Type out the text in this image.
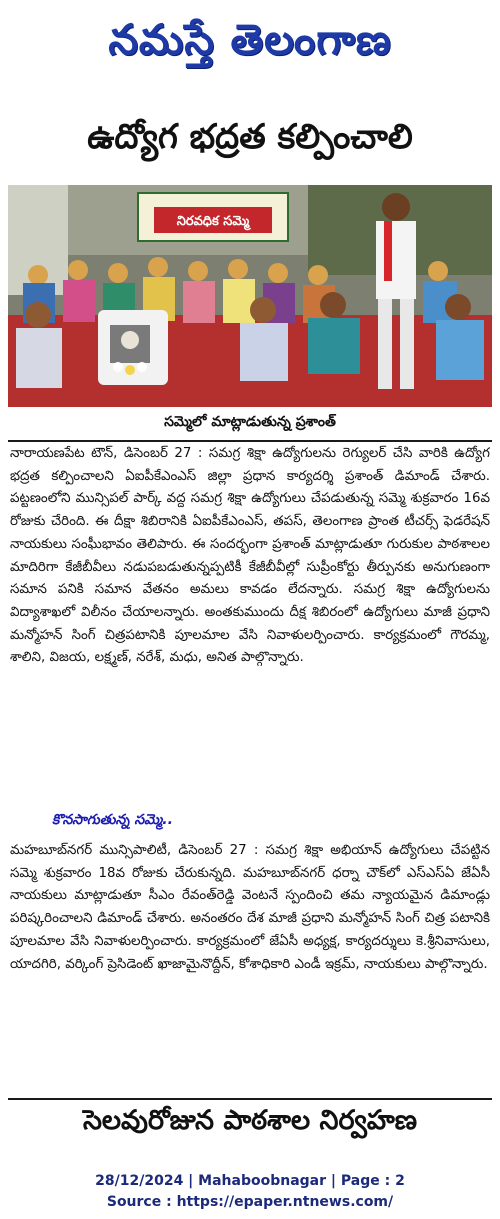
నమస్తే తెలంగాణ
ఉద్యోగ భద్రత కల్పించాలి
నిరవధిక సమ్మె
సమ్మెలో మాట్లాడుతున్న ప్రశాంత్

నారాయణపేట టౌన్, డిసెంబర్ 27 : సమగ్ర శిక్షా ఉద్యోగులను రెగ్యులర్ చేసి వారికి ఉద్యోగ భద్రత కల్పించాలని ఏఐపీకేఎంఎస్ జిల్లా ప్రధాన కార్యదర్శి ప్రశాంత్ డిమాండ్ చేశారు. పట్టణంలోని మున్సిపల్ పార్క్ వద్ద సమగ్ర శిక్షా ఉద్యోగులు చేపడుతున్న సమ్మె శుక్రవారం 16వ రోజుకు చేరింది. ఈ దీక్షా శిబిరానికి ఏఐపీకేఎంఎస్, తపస్, తెలంగాణ ప్రాంత టీచర్స్ ఫెడరేషన్ నాయకులు సంఘీభావం తెలిపారు. ఈ సందర్భంగా ప్రశాంత్ మాట్లాడుతూ గురుకుల పాఠశాలల మాదిరిగా కేజీబీవీలు నడుపబడుతున్నప్పటికీ కేజీబీవీల్లో సుప్రీంకోర్టు తీర్పునకు అనుగుణంగా సమాన పనికి సమాన వేతనం అమలు కావడం లేదన్నారు. సమగ్ర శిక్షా ఉద్యోగులను విద్యాశాఖలో విలీనం చేయాలన్నారు. అంతకుముందు దీక్ష శిబిరంలో ఉద్యోగులు మాజీ ప్రధాని మన్మోహన్ సింగ్ చిత్రపటానికి పూలమాల వేసి నివాళులర్పించారు. కార్యక్రమంలో గౌరమ్మ, శాలిని, విజయ, లక్ష్మణ్, నరేశ్, మధు, అనిత పాల్గొన్నారు.

కొనసాగుతున్న సమ్మె..

మహబూబ్‌నగర్ మున్సిపాలిటీ, డిసెంబర్ 27 : సమగ్ర శిక్షా అభియాన్ ఉద్యోగులు చేపట్టిన సమ్మె శుక్రవారం 18వ రోజుకు చేరుకున్నది. మహబూబ్‌నగర్ ధర్నా చౌక్‌లో ఎస్ఎస్ఏ జేఏసీ నాయకులు మాట్లాడుతూ సీఎం రేవంత్‌రెడ్డి వెంటనే స్పందించి తమ న్యాయమైన డిమాండ్లు పరిష్కరించాలని డిమాండ్ చేశారు. అనంతరం దేశ మాజీ ప్రధాని మన్మోహన్ సింగ్ చిత్ర పటానికి పూలమాల వేసి నివాళులర్పించారు. కార్యక్రమంలో జేఏసీ అధ్యక్ష, కార్యదర్శులు కె.శ్రీనివాసులు, యాదగిరి, వర్కింగ్ ప్రెసిడెంట్ ఖాజామైనొద్దీన్, కోశాధికారి ఎండీ ఇక్రమ్, నాయకులు పాల్గొన్నారు.

సెలవురోజున పాఠశాల నిర్వహణ
28/12/2024 | Mahaboobnagar | Page : 2
Source : https://epaper.ntnews.com/
